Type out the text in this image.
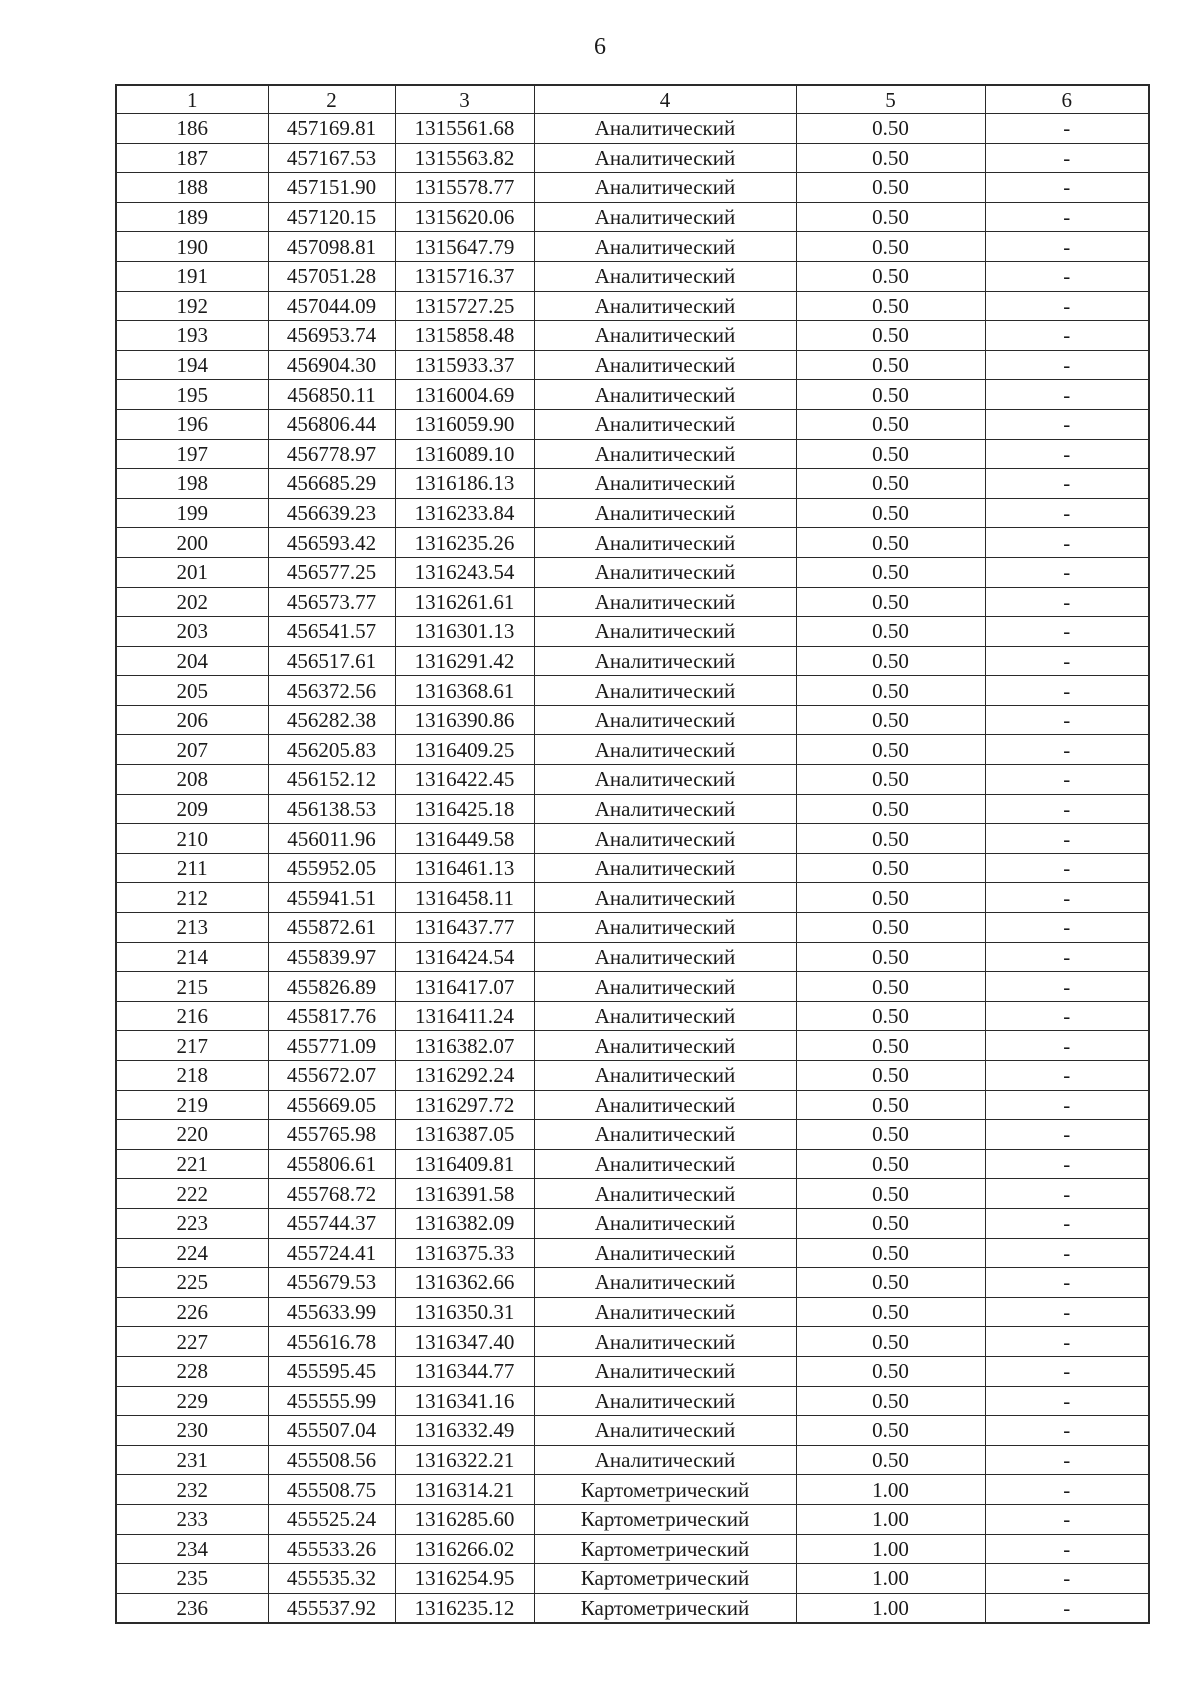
6
1	2	3	4	5	6
186	457169.81	1315561.68	Аналитический	0.50	-
187	457167.53	1315563.82	Аналитический	0.50	-
188	457151.90	1315578.77	Аналитический	0.50	-
189	457120.15	1315620.06	Аналитический	0.50	-
190	457098.81	1315647.79	Аналитический	0.50	-
191	457051.28	1315716.37	Аналитический	0.50	-
192	457044.09	1315727.25	Аналитический	0.50	-
193	456953.74	1315858.48	Аналитический	0.50	-
194	456904.30	1315933.37	Аналитический	0.50	-
195	456850.11	1316004.69	Аналитический	0.50	-
196	456806.44	1316059.90	Аналитический	0.50	-
197	456778.97	1316089.10	Аналитический	0.50	-
198	456685.29	1316186.13	Аналитический	0.50	-
199	456639.23	1316233.84	Аналитический	0.50	-
200	456593.42	1316235.26	Аналитический	0.50	-
201	456577.25	1316243.54	Аналитический	0.50	-
202	456573.77	1316261.61	Аналитический	0.50	-
203	456541.57	1316301.13	Аналитический	0.50	-
204	456517.61	1316291.42	Аналитический	0.50	-
205	456372.56	1316368.61	Аналитический	0.50	-
206	456282.38	1316390.86	Аналитический	0.50	-
207	456205.83	1316409.25	Аналитический	0.50	-
208	456152.12	1316422.45	Аналитический	0.50	-
209	456138.53	1316425.18	Аналитический	0.50	-
210	456011.96	1316449.58	Аналитический	0.50	-
211	455952.05	1316461.13	Аналитический	0.50	-
212	455941.51	1316458.11	Аналитический	0.50	-
213	455872.61	1316437.77	Аналитический	0.50	-
214	455839.97	1316424.54	Аналитический	0.50	-
215	455826.89	1316417.07	Аналитический	0.50	-
216	455817.76	1316411.24	Аналитический	0.50	-
217	455771.09	1316382.07	Аналитический	0.50	-
218	455672.07	1316292.24	Аналитический	0.50	-
219	455669.05	1316297.72	Аналитический	0.50	-
220	455765.98	1316387.05	Аналитический	0.50	-
221	455806.61	1316409.81	Аналитический	0.50	-
222	455768.72	1316391.58	Аналитический	0.50	-
223	455744.37	1316382.09	Аналитический	0.50	-
224	455724.41	1316375.33	Аналитический	0.50	-
225	455679.53	1316362.66	Аналитический	0.50	-
226	455633.99	1316350.31	Аналитический	0.50	-
227	455616.78	1316347.40	Аналитический	0.50	-
228	455595.45	1316344.77	Аналитический	0.50	-
229	455555.99	1316341.16	Аналитический	0.50	-
230	455507.04	1316332.49	Аналитический	0.50	-
231	455508.56	1316322.21	Аналитический	0.50	-
232	455508.75	1316314.21	Картометрический	1.00	-
233	455525.24	1316285.60	Картометрический	1.00	-
234	455533.26	1316266.02	Картометрический	1.00	-
235	455535.32	1316254.95	Картометрический	1.00	-
236	455537.92	1316235.12	Картометрический	1.00	-
